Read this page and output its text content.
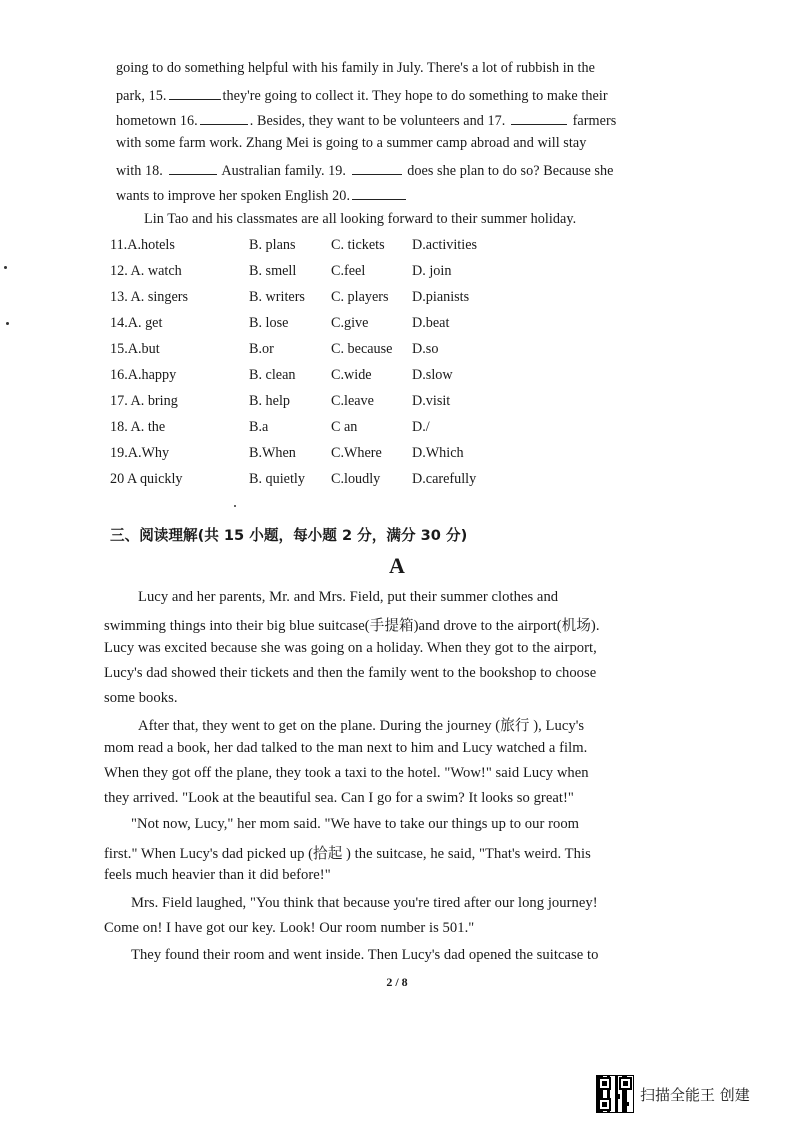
going to do something helpful with his family in July. There's a lot of rubbish in the
park, 15.	they're going to collect it. They hope to do something to make their
hometown 16.	. Besides, they want to be volunteers and 17.	farmers
with some farm work. Zhang Mei is going to a summer camp abroad and will stay
with 18.	Australian family. 19.	does she plan to do so? Because she
wants to improve her spoken English 20.
Lin Tao and his classmates are all looking forward to their summer holiday.
11.A.hotels	B. plans C. tickets D.activities
12. A. watch	B. smell C.feel	D. join
13. A. singers	B. writers C. players D.pianists
14.A. get	B. lose	C.give	D.beat
15.A.but	B.or	C. because D.so
16.A.happy	B. clean	C.wide	D.slow
17. A. bring	B. help	C.leave	D.visit
18. A. the	B.a	C an	D./
19.A.Why	B.When C.Where D.Which
20 A quickly	B. quietly C.loudly D.carefully
三、阅读理解(共 15 小题，每小题 2 分，满分 30 分)
A
Lucy and her parents, Mr. and Mrs. Field, put their summer clothes and
swimming things into their big blue suitcase(手提箱)and drove to the airport(机场).
Lucy was excited because she was going on a holiday. When they got to the airport,
Lucy's dad showed their tickets and then the family went to the bookshop to choose
some books.
After that, they went to get on the plane. During the journey (旅行 ), Lucy's
mom read a book, her dad talked to the man next to him and Lucy watched a film.
When they got off the plane, they took a taxi to the hotel. "Wow!" said Lucy when
they arrived. "Look at the beautiful sea. Can I go for a swim? It looks so great!"
"Not now, Lucy," her mom said. "We have to take our things up to our room
first." When Lucy's dad picked up (拾起 ) the suitcase, he said, "That's weird. This
feels much heavier than it did before!"
Mrs. Field laughed, "You think that because you're tired after our long journey!
Come on! I have got our key. Look! Our room number is 501."
They found their room and went inside. Then Lucy's dad opened the suitcase to
2 / 8
扫描全能王 创建
